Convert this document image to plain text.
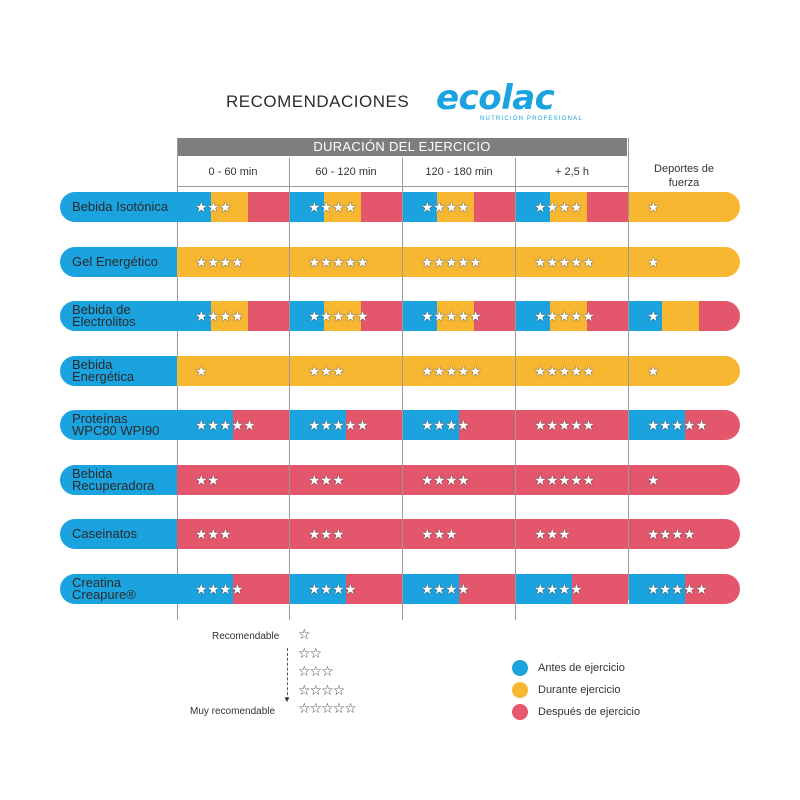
RECOMENDACIONES ecolac
NUTRICIÓN PROFESIONAL
DURACIÓN DEL EJERCICIO
0 - 60 min	60 - 120 min	120 - 180 min	+ 2,5 h	Deportes de fuerza
Bebida Isotónica ★★★	★★★★	★★★★	★★★★	★
Gel Energético	★★★★	★★★★★	★★★★★	★★★★★	★
Bebida de Electrolitos	★★★★	★★★★★	★★★★★	★★★★★	★
Bebida Energética	★	★★★	★★★★★	★★★★★	★
Proteínas WPC80 WPI90	★★★★★	★★★★★	★★★★	★★★★★	★★★★★
Bebida Recuperadora	★★	★★★	★★★★	★★★★★	★
Caseinatos	★★★	★★★	★★★	★★★	★★★★
Creatina Creapure®	★★★★	★★★★	★★★★	★★★★	★★★★★
Recomendable
Muy recomendable
☆
☆☆
☆☆☆
☆☆☆☆
☆☆☆☆☆
▼
Antes de ejercicio
Durante ejercicio
Después de ejercicio
